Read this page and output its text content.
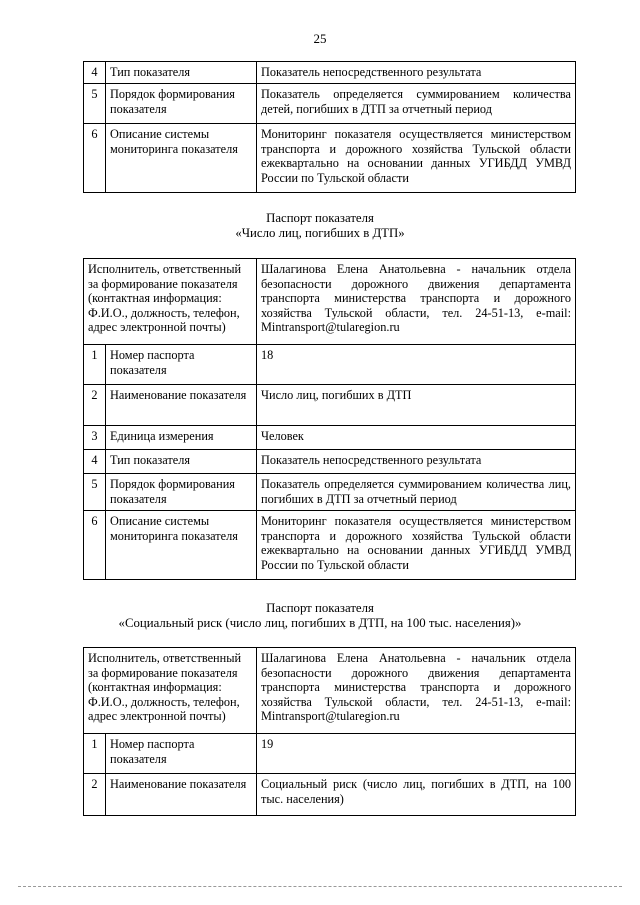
25
4	Тип показателя	Показатель непосредственного результата
5	Порядок формирования показателя	Показатель определяется суммированием количества детей, погибших в ДТП за отчетный период
6	Описание системы мониторинга показателя	Мониторинг показателя осуществляется министерством транспорта и дорожного хозяйства Тульской области ежеквартально на основании данных УГИБДД УМВД России по Тульской области
Паспорт показателя
«Число лиц, погибших в ДТП»
Исполнитель, ответственный за формирование показателя (контактная информация: Ф.И.О., должность, телефон, адрес электронной почты)		Шалагинова Елена Анатольевна - начальник отдела безопасности дорожного движения департамента транспорта министерства транспорта и дорожного хозяйства Тульской области, тел. 24-51-13, e-mail: Mintransport@tularegion.ru
1	Номер паспорта показателя	18
2	Наименование показателя	Число лиц, погибших в ДТП
3	Единица измерения	Человек
4	Тип показателя	Показатель непосредственного результата
5	Порядок формирования показателя	Показатель определяется суммированием количества лиц, погибших в ДТП за отчетный период
6	Описание системы мониторинга показателя	Мониторинг показателя осуществляется министерством транспорта и дорожного хозяйства Тульской области ежеквартально на основании данных УГИБДД УМВД России по Тульской области
Паспорт показателя
«Социальный риск (число лиц, погибших в ДТП, на 100 тыс. населения)»
Исполнитель, ответственный за формирование показателя (контактная информация: Ф.И.О., должность, телефон, адрес электронной почты)		Шалагинова Елена Анатольевна - начальник отдела безопасности дорожного движения департамента транспорта министерства транспорта и дорожного хозяйства Тульской области, тел. 24-51-13, e-mail: Mintransport@tularegion.ru
1	Номер паспорта показателя	19
2	Наименование показателя	Социальный риск (число лиц, погибших в ДТП, на 100 тыс. населения)
